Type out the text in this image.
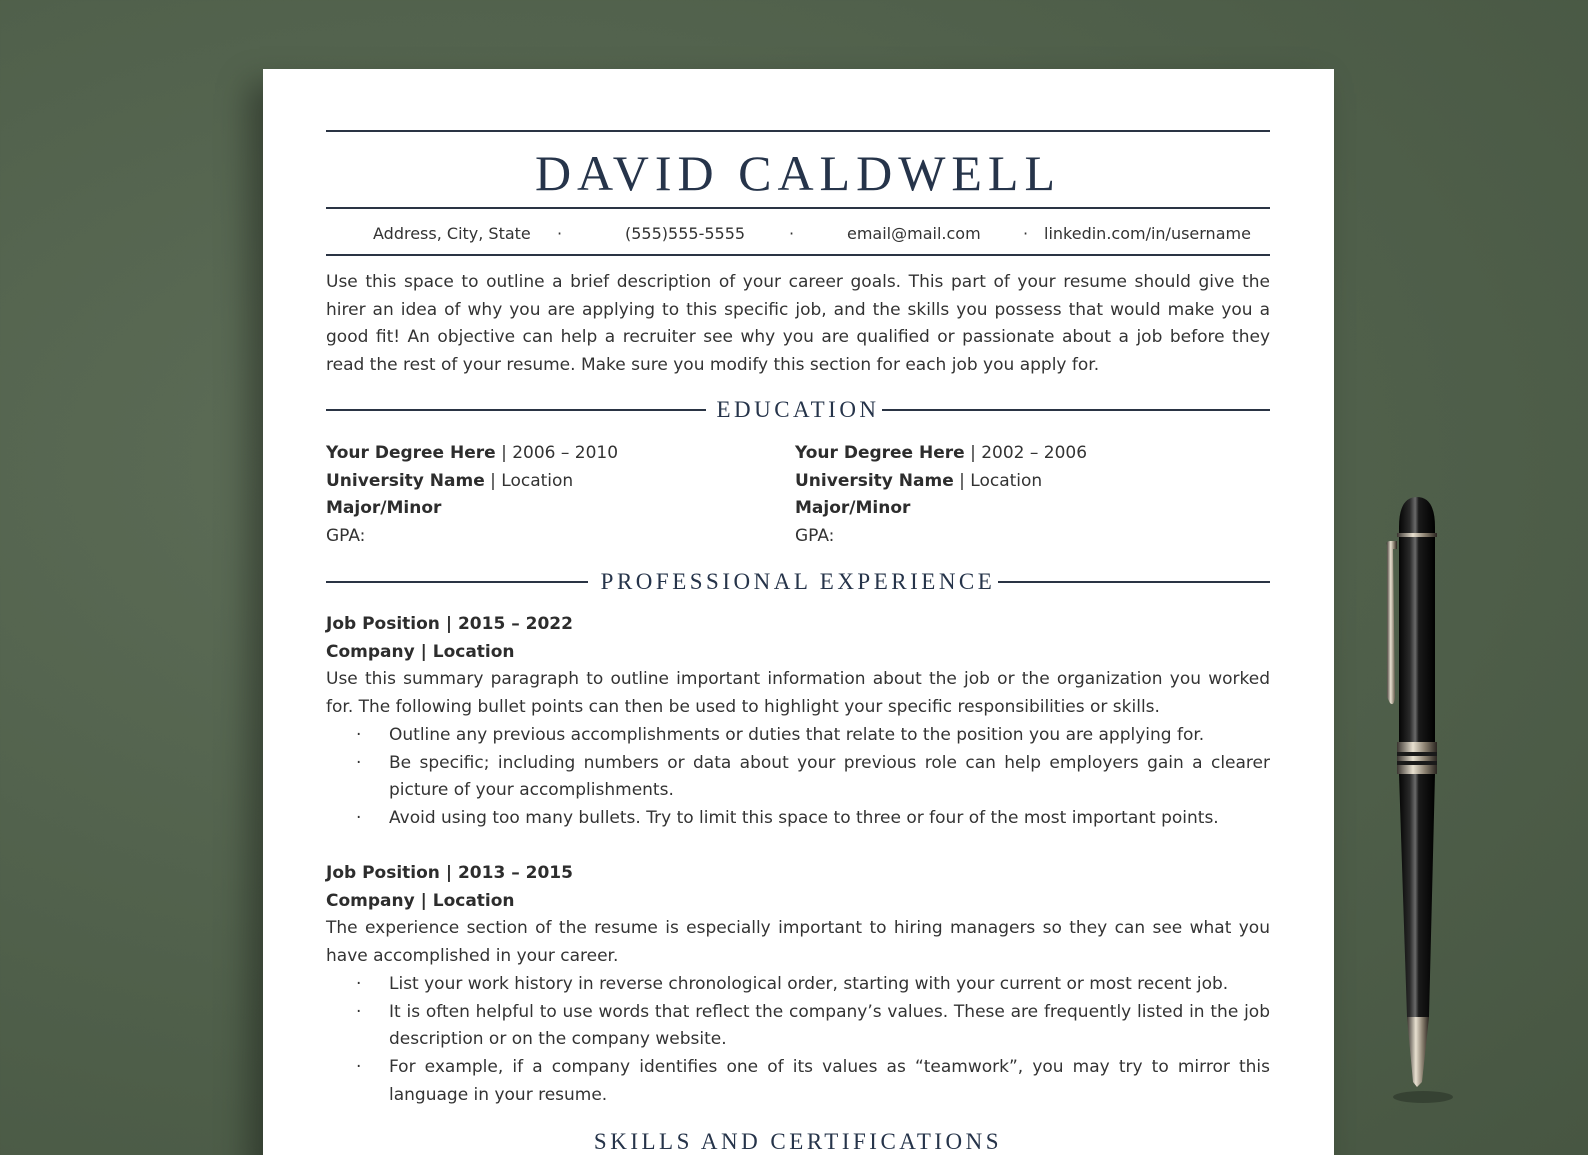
DAVID CALDWELL
Address, City, State ·	(555)555-5555	·	email@mail.com	· linkedin.com/in/username
Use this space to outline a brief description of your career goals. This part of your resume should give the hirer an idea of why you are applying to this specific job, and the skills you possess that would make you a good fit! An objective can help a recruiter see why you are qualified or passionate about a job before they read the rest of your resume. Make sure you modify this section for each job you apply for.
EDUCATION
Your Degree Here | 2006 – 2010
University Name | Location
Major/Minor
GPA:
Your Degree Here | 2002 – 2006
University Name | Location
Major/Minor
GPA:
PROFESSIONAL EXPERIENCE
Job Position | 2015 – 2022
Company | Location
Use this summary paragraph to outline important information about the job or the organization you worked for. The following bullet points can then be used to highlight your specific responsibilities or skills.
· Outline any previous accomplishments or duties that relate to the position you are applying for.
· Be specific; including numbers or data about your previous role can help employers gain a clearer picture of your accomplishments.
· Avoid using too many bullets. Try to limit this space to three or four of the most important points.
Job Position | 2013 – 2015
Company | Location
The experience section of the resume is especially important to hiring managers so they can see what you have accomplished in your career.
· List your work history in reverse chronological order, starting with your current or most recent job.
· It is often helpful to use words that reflect the company’s values. These are frequently listed in the job description or on the company website.
· For example, if a company identifies one of its values as “teamwork”, you may try to mirror this language in your resume.
SKILLS AND CERTIFICATIONS
